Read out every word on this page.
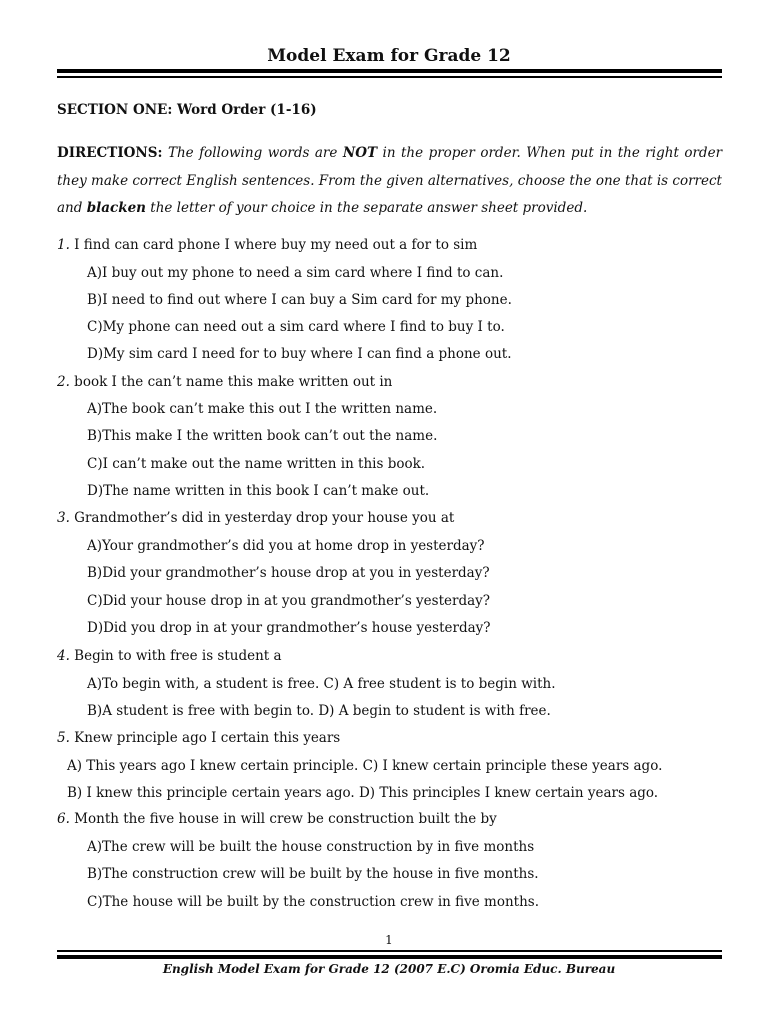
Model Exam for Grade 12
SECTION ONE: Word Order (1-16)
DIRECTIONS: The following words are NOT in the proper order. When put in the right order they make correct English sentences. From the given alternatives, choose the one that is correct and blacken the letter of your choice in the separate answer sheet provided.
1. I find can card phone I where buy my need out a for to sim
A)I buy out my phone to need a sim card where I find to can.
B)I need to find out where I can buy a Sim card for my phone.
C)My phone can need out a sim card where I find to buy I to.
D)My sim card I need for to buy where I can find a phone out.
2. book I the can’t name this make written out in
A)The book can’t make this out I the written name.
B)This make I the written book can’t out the name.
C)I can’t make out the name written in this book.
D)The name written in this book I can’t make out.
3. Grandmother’s did in yesterday drop your house you at
A)Your grandmother’s did you at home drop in yesterday?
B)Did your grandmother’s house drop at you in yesterday?
C)Did your house drop in at you grandmother’s yesterday?
D)Did you drop in at your grandmother’s house yesterday?
4. Begin to with free is student a
A)To begin with, a student is free. C) A free student is to begin with.
B)A student is free with begin to. D) A begin to student is with free.
5. Knew principle ago I certain this years
A) This years ago I knew certain principle. C) I knew certain principle these years ago.
B) I knew this principle certain years ago. D) This principles I knew certain years ago.
6. Month the five house in will crew be construction built the by
A)The crew will be built the house construction by in five months
B)The construction crew will be built by the house in five months.
C)The house will be built by the construction crew in five months.
1
English Model Exam for Grade 12 (2007 E.C) Oromia Educ. Bureau
